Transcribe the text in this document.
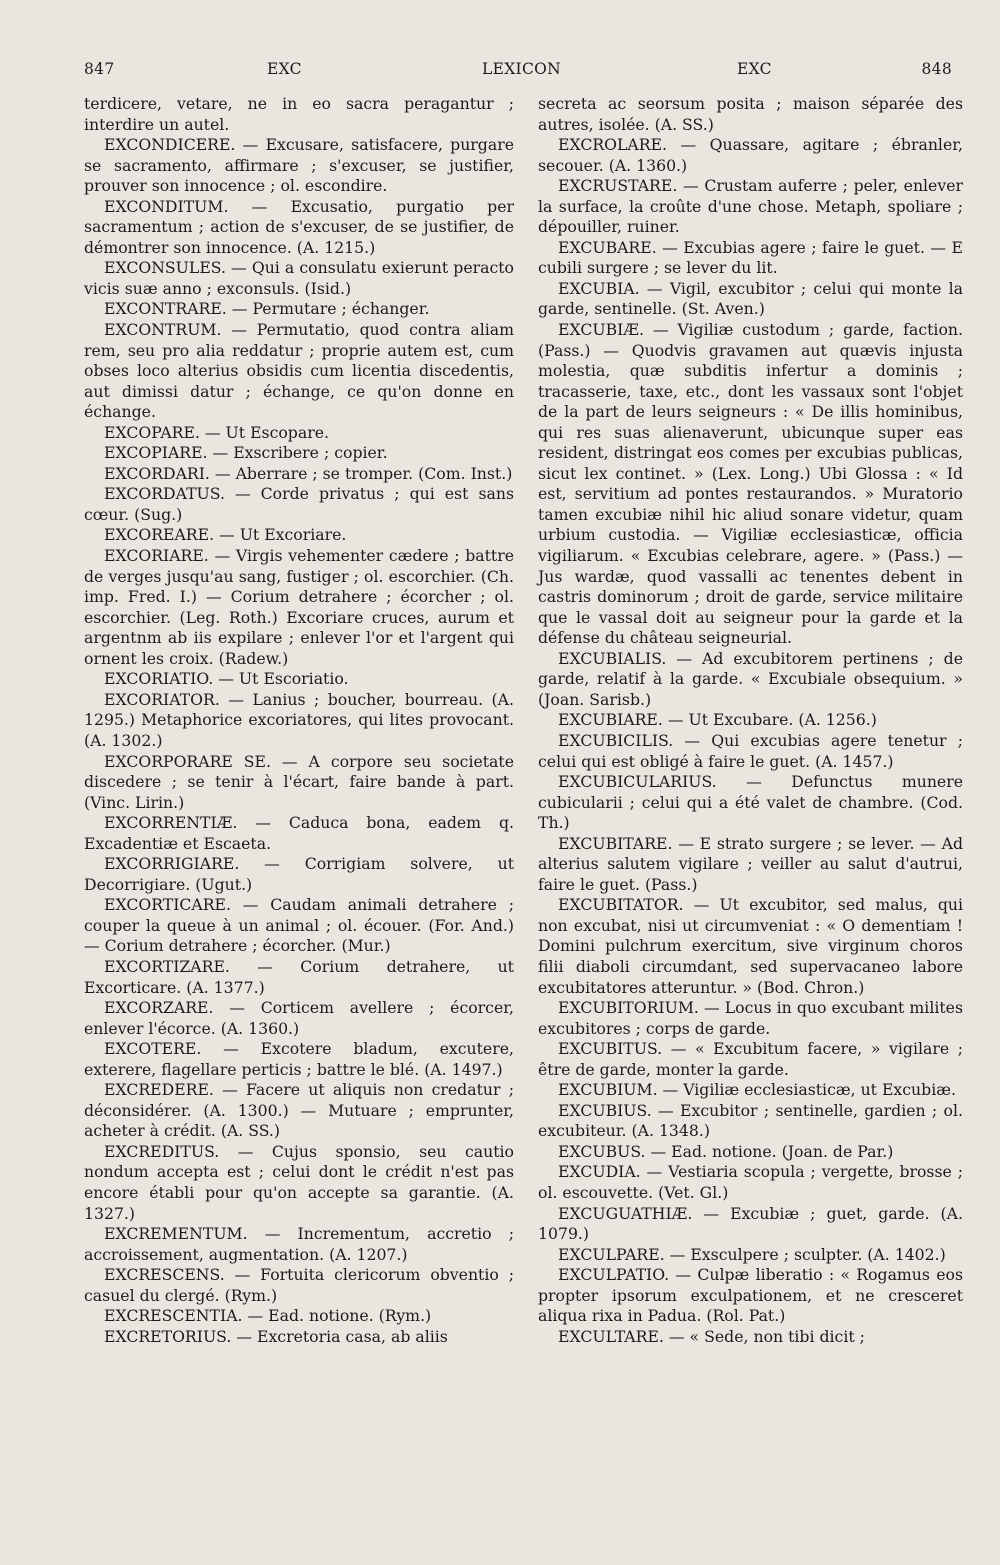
847	EXC	LEXICON	EXC	848

terdicere, vetare, ne in eo sacra peragantur ; interdire un autel.

EXCONDICERE. — Excusare, satisfacere, purgare se sacramento, affirmare ; s'excuser, se justifier, prouver son innocence ; ol. escondire.

EXCONDITUM. — Excusatio, purgatio per sacramentum ; action de s'excuser, de se justifier, de démontrer son innocence. (A. 1215.)

EXCONSULES. — Qui a consulatu exierunt peracto vicis suæ anno ; exconsuls. (Isid.)

EXCONTRARE. — Permutare ; échanger.

EXCONTRUM. — Permutatio, quod contra aliam rem, seu pro alia reddatur ; proprie autem est, cum obses loco alterius obsidis cum licentia discedentis, aut dimissi datur ; échange, ce qu'on donne en échange.

EXCOPARE. — Ut Escopare.

EXCOPIARE. — Exscribere ; copier.

EXCORDARI. — Aberrare ; se tromper. (Com. Inst.)

EXCORDATUS. — Corde privatus ; qui est sans cœur. (Sug.)

EXCOREARE. — Ut Excoriare.

EXCORIARE. — Virgis vehementer cædere ; battre de verges jusqu'au sang, fustiger ; ol. escorchier. (Ch. imp. Fred. I.) — Corium detrahere ; écorcher ; ol. escorchier. (Leg. Roth.) Excoriare cruces, aurum et argentnm ab iis expilare ; enlever l'or et l'argent qui ornent les croix. (Radew.)

EXCORIATIO. — Ut Escoriatio.

EXCORIATOR. — Lanius ; boucher, bourreau. (A. 1295.) Metaphorice excoriatores, qui lites provocant. (A. 1302.)

EXCORPORARE SE. — A corpore seu societate discedere ; se tenir à l'écart, faire bande à part. (Vinc. Lirin.)

EXCORRENTIÆ. — Caduca bona, eadem q. Excadentiæ et Escaeta.

EXCORRIGIARE. — Corrigiam solvere, ut Decorrigiare. (Ugut.)

EXCORTICARE. — Caudam animali detrahere ; couper la queue à un animal ; ol. écouer. (For. And.) — Corium detrahere ; écorcher. (Mur.)

EXCORTIZARE. — Corium detrahere, ut Excorticare. (A. 1377.)

EXCORZARE. — Corticem avellere ; écorcer, enlever l'écorce. (A. 1360.)

EXCOTERE. — Excotere bladum, excutere, exterere, flagellare perticis ; battre le blé. (A. 1497.)

EXCREDERE. — Facere ut aliquis non credatur ; déconsidérer. (A. 1300.) — Mutuare ; emprunter, acheter à crédit. (A. SS.)

EXCREDITUS. — Cujus sponsio, seu cautio nondum accepta est ; celui dont le crédit n'est pas encore établi pour qu'on accepte sa garantie. (A. 1327.)

EXCREMENTUM. — Incrementum, accretio ; accroissement, augmentation. (A. 1207.)

EXCRESCENS. — Fortuita clericorum obventio ; casuel du clergé. (Rym.)

EXCRESCENTIA. — Ead. notione. (Rym.)

EXCRETORIUS. — Excretoria casa, ab aliis

secreta ac seorsum posita ; maison séparée des autres, isolée. (A. SS.)

EXCROLARE. — Quassare, agitare ; ébranler, secouer. (A. 1360.)

EXCRUSTARE. — Crustam auferre ; peler, enlever la surface, la croûte d'une chose. Metaph, spoliare ; dépouiller, ruiner.

EXCUBARE. — Excubias agere ; faire le guet. — E cubili surgere ; se lever du lit.

EXCUBIA. — Vigil, excubitor ; celui qui monte la garde, sentinelle. (St. Aven.)

EXCUBIÆ. — Vigiliæ custodum ; garde, faction. (Pass.) — Quodvis gravamen aut quævis injusta molestia, quæ subditis infertur a dominis ; tracasserie, taxe, etc., dont les vassaux sont l'objet de la part de leurs seigneurs : « De illis hominibus, qui res suas alienaverunt, ubicunque super eas resident, distringat eos comes per excubias publicas, sicut lex continet. » (Lex. Long.) Ubi Glossa : « Id est, servitium ad pontes restaurandos. » Muratorio tamen excubiæ nihil hic aliud sonare videtur, quam urbium custodia. — Vigiliæ ecclesiasticæ, officia vigiliarum. « Excubias celebrare, agere. » (Pass.) — Jus wardæ, quod vassalli ac tenentes debent in castris dominorum ; droit de garde, service militaire que le vassal doit au seigneur pour la garde et la défense du château seigneurial.

EXCUBIALIS. — Ad excubitorem pertinens ; de garde, relatif à la garde. « Excubiale obsequium. » (Joan. Sarisb.)

EXCUBIARE. — Ut Excubare. (A. 1256.)

EXCUBICILIS. — Qui excubias agere tenetur ; celui qui est obligé à faire le guet. (A. 1457.)

EXCUBICULARIUS. — Defunctus munere cubicularii ; celui qui a été valet de chambre. (Cod. Th.)

EXCUBITARE. — E strato surgere ; se lever. — Ad alterius salutem vigilare ; veiller au salut d'autrui, faire le guet. (Pass.)

EXCUBITATOR. — Ut excubitor, sed malus, qui non excubat, nisi ut circumveniat : « O dementiam ! Domini pulchrum exercitum, sive virginum choros filii diaboli circumdant, sed supervacaneo labore excubitatores atteruntur. » (Bod. Chron.)

EXCUBITORIUM. — Locus in quo excubant milites excubitores ; corps de garde.

EXCUBITUS. — « Excubitum facere, » vigilare ; être de garde, monter la garde.

EXCUBIUM. — Vigiliæ ecclesiasticæ, ut Excubiæ.

EXCUBIUS. — Excubitor ; sentinelle, gardien ; ol. excubiteur. (A. 1348.)

EXCUBUS. — Ead. notione. (Joan. de Par.)

EXCUDIA. — Vestiaria scopula ; vergette, brosse ; ol. escouvette. (Vet. Gl.)

EXCUGUATHIÆ. — Excubiæ ; guet, garde. (A. 1079.)

EXCULPARE. — Exsculpere ; sculpter. (A. 1402.)

EXCULPATIO. — Culpæ liberatio : « Rogamus eos propter ipsorum exculpationem, et ne cresceret aliqua rixa in Padua. (Rol. Pat.)

EXCULTARE. — « Sede, non tibi dicit ;
